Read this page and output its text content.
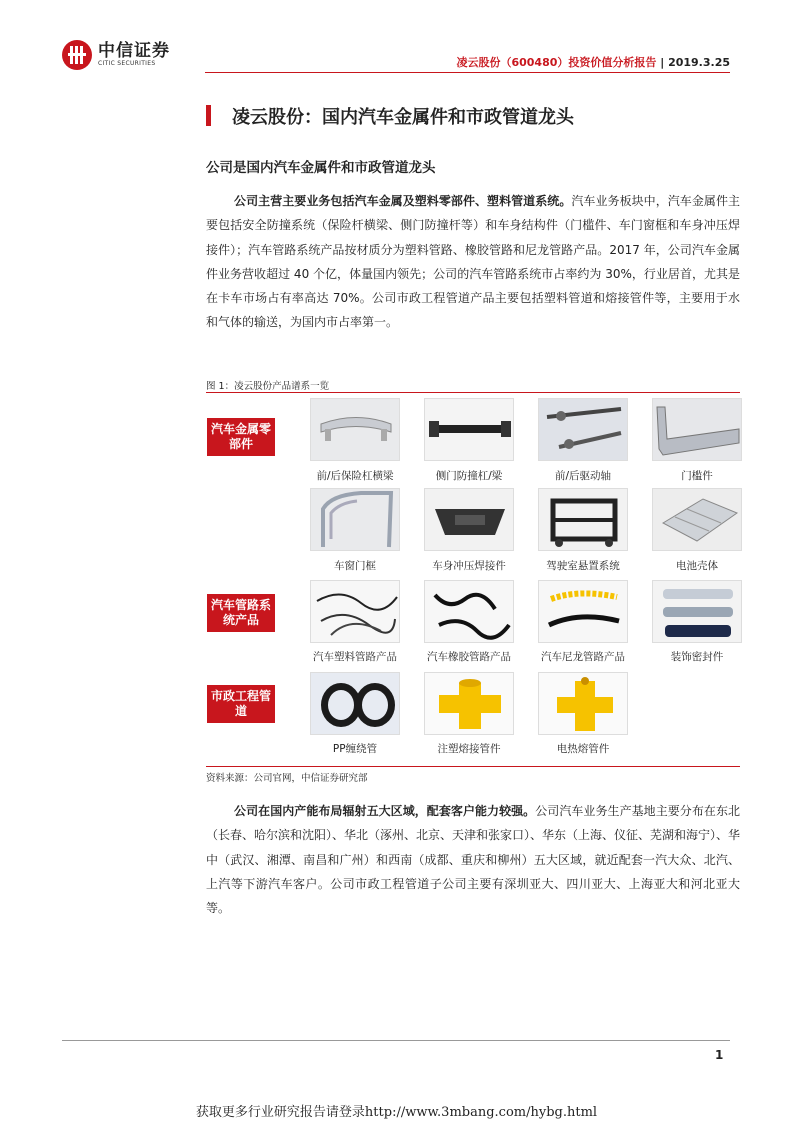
中信证券
CITIC SECURITIES	凌云股份（600480）投资价值分析报告 | 2019.3.25
凌云股份：国内汽车金属件和市政管道龙头
公司是国内汽车金属件和市政管道龙头
公司主营主要业务包括汽车金属及塑料零部件、塑料管道系统。汽车业务板块中，汽车金属件主要包括安全防撞系统（保险杆横梁、侧门防撞杆等）和车身结构件（门槛件、车门窗框和车身冲压焊接件）；汽车管路系统产品按材质分为塑料管路、橡胶管路和尼龙管路产品。2017 年，公司汽车金属件业务营收超过 40 个亿，体量国内领先；公司的汽车管路系统市占率约为 30%，行业居首，尤其是在卡车市场占有率高达 70%。公司市政工程管道产品主要包括塑料管道和熔接管件等，主要用于水和气体的输送，为国内市占率第一。
图 1：凌云股份产品谱系一览
汽车金属零部件
汽车管路系统产品
市政工程管道
前/后保险杠横梁	侧门防撞杠/梁	前/后驱动轴	门槛件
车窗门框	车身冲压焊接件	驾驶室悬置系统	电池壳体
汽车塑料管路产品	汽车橡胶管路产品	汽车尼龙管路产品	装饰密封件
PP缠绕管	注塑熔接管件	电热熔管件
资料来源：公司官网，中信证券研究部
公司在国内产能布局辐射五大区域，配套客户能力较强。公司汽车业务生产基地主要分布在东北（长春、哈尔滨和沈阳）、华北（涿州、北京、天津和张家口）、华东（上海、仪征、芜湖和海宁）、华中（武汉、湘潭、南昌和广州）和西南（成都、重庆和柳州）五大区域，就近配套一汽大众、北汽、上汽等下游汽车客户。公司市政工程管道子公司主要有深圳亚大、四川亚大、上海亚大和河北亚大等。
1
获取更多行业研究报告请登录http://www.3mbang.com/hybg.html
